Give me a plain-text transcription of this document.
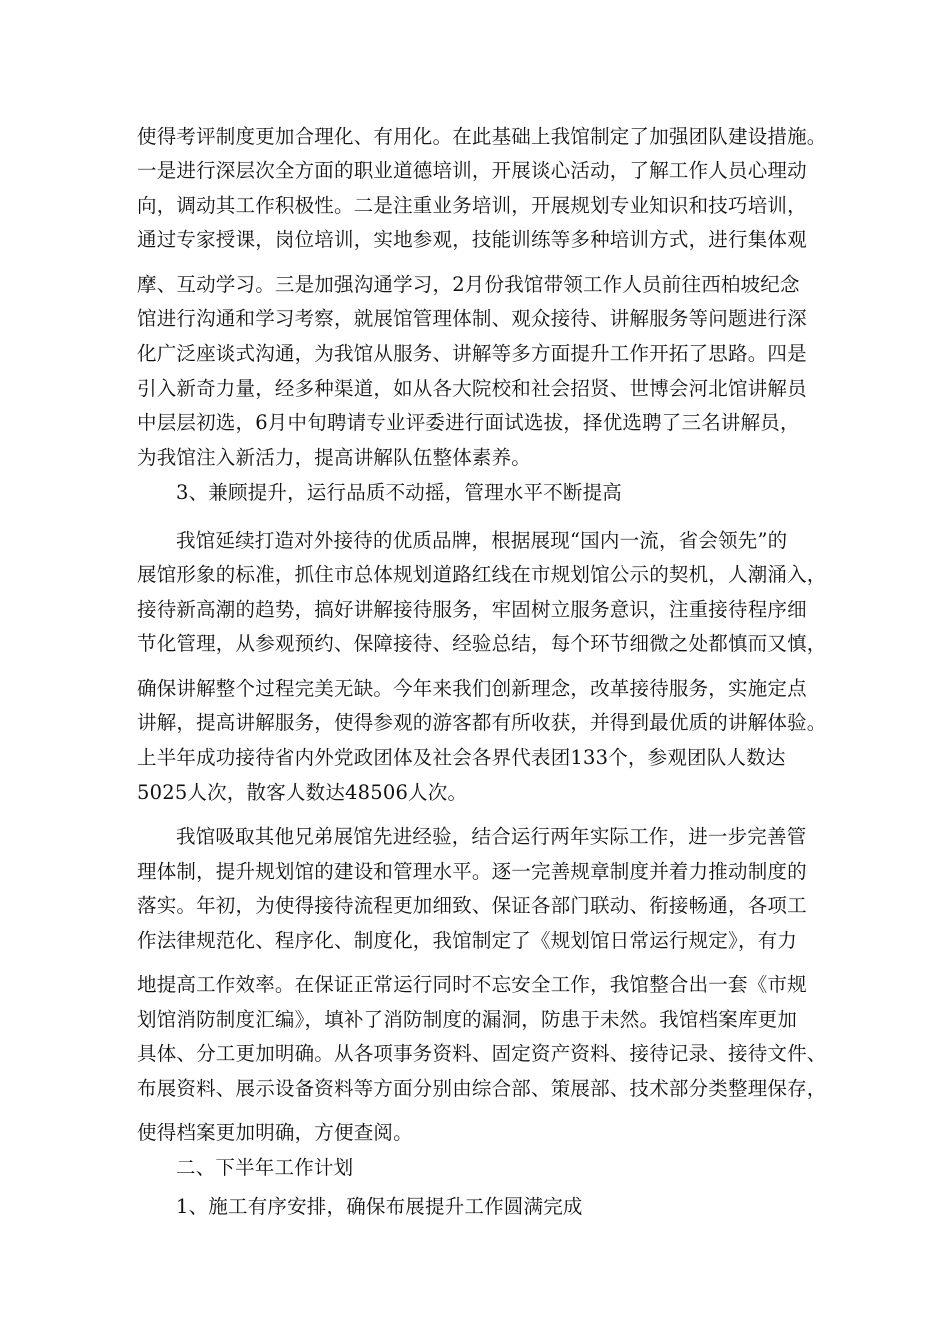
使得考评制度更加合理化、有用化。在此基础上我馆制定了加强团队建设措施。
一是进行深层次全方面的职业道德培训，开展谈心活动，了解工作人员心理动
向，调动其工作积极性。二是注重业务培训，开展规划专业知识和技巧培训，
通过专家授课，岗位培训，实地参观，技能训练等多种培训方式，进行集体观
摩、互动学习。三是加强沟通学习，2月份我馆带领工作人员前往西柏坡纪念
馆进行沟通和学习考察，就展馆管理体制、观众接待、讲解服务等问题进行深
化广泛座谈式沟通，为我馆从服务、讲解等多方面提升工作开拓了思路。四是
引入新奇力量，经多种渠道，如从各大院校和社会招贤、世博会河北馆讲解员
中层层初选，6月中旬聘请专业评委进行面试选拔，择优选聘了三名讲解员，
为我馆注入新活力，提高讲解队伍整体素养。
3、兼顾提升，运行品质不动摇，管理水平不断提高
我馆延续打造对外接待的优质品牌，根据展现“国内一流，省会领先”的
展馆形象的标准，抓住市总体规划道路红线在市规划馆公示的契机，人潮涌入，
接待新高潮的趋势，搞好讲解接待服务，牢固树立服务意识，注重接待程序细
节化管理，从参观预约、保障接待、经验总结，每个环节细微之处都慎而又慎，
确保讲解整个过程完美无缺。今年来我们创新理念，改革接待服务，实施定点
讲解，提高讲解服务，使得参观的游客都有所收获，并得到最优质的讲解体验。
上半年成功接待省内外党政团体及社会各界代表团133个，参观团队人数达
5025人次，散客人数达48506人次。
我馆吸取其他兄弟展馆先进经验，结合运行两年实际工作，进一步完善管
理体制，提升规划馆的建设和管理水平。逐一完善规章制度并着力推动制度的
落实。年初，为使得接待流程更加细致、保证各部门联动、衔接畅通，各项工
作法律规范化、程序化、制度化，我馆制定了《规划馆日常运行规定》，有力
地提高工作效率。在保证正常运行同时不忘安全工作，我馆整合出一套《市规
划馆消防制度汇编》，填补了消防制度的漏洞，防患于未然。我馆档案库更加
具体、分工更加明确。从各项事务资料、固定资产资料、接待记录、接待文件、
布展资料、展示设备资料等方面分别由综合部、策展部、技术部分类整理保存，
使得档案更加明确，方便查阅。
二、下半年工作计划
1、施工有序安排，确保布展提升工作圆满完成
